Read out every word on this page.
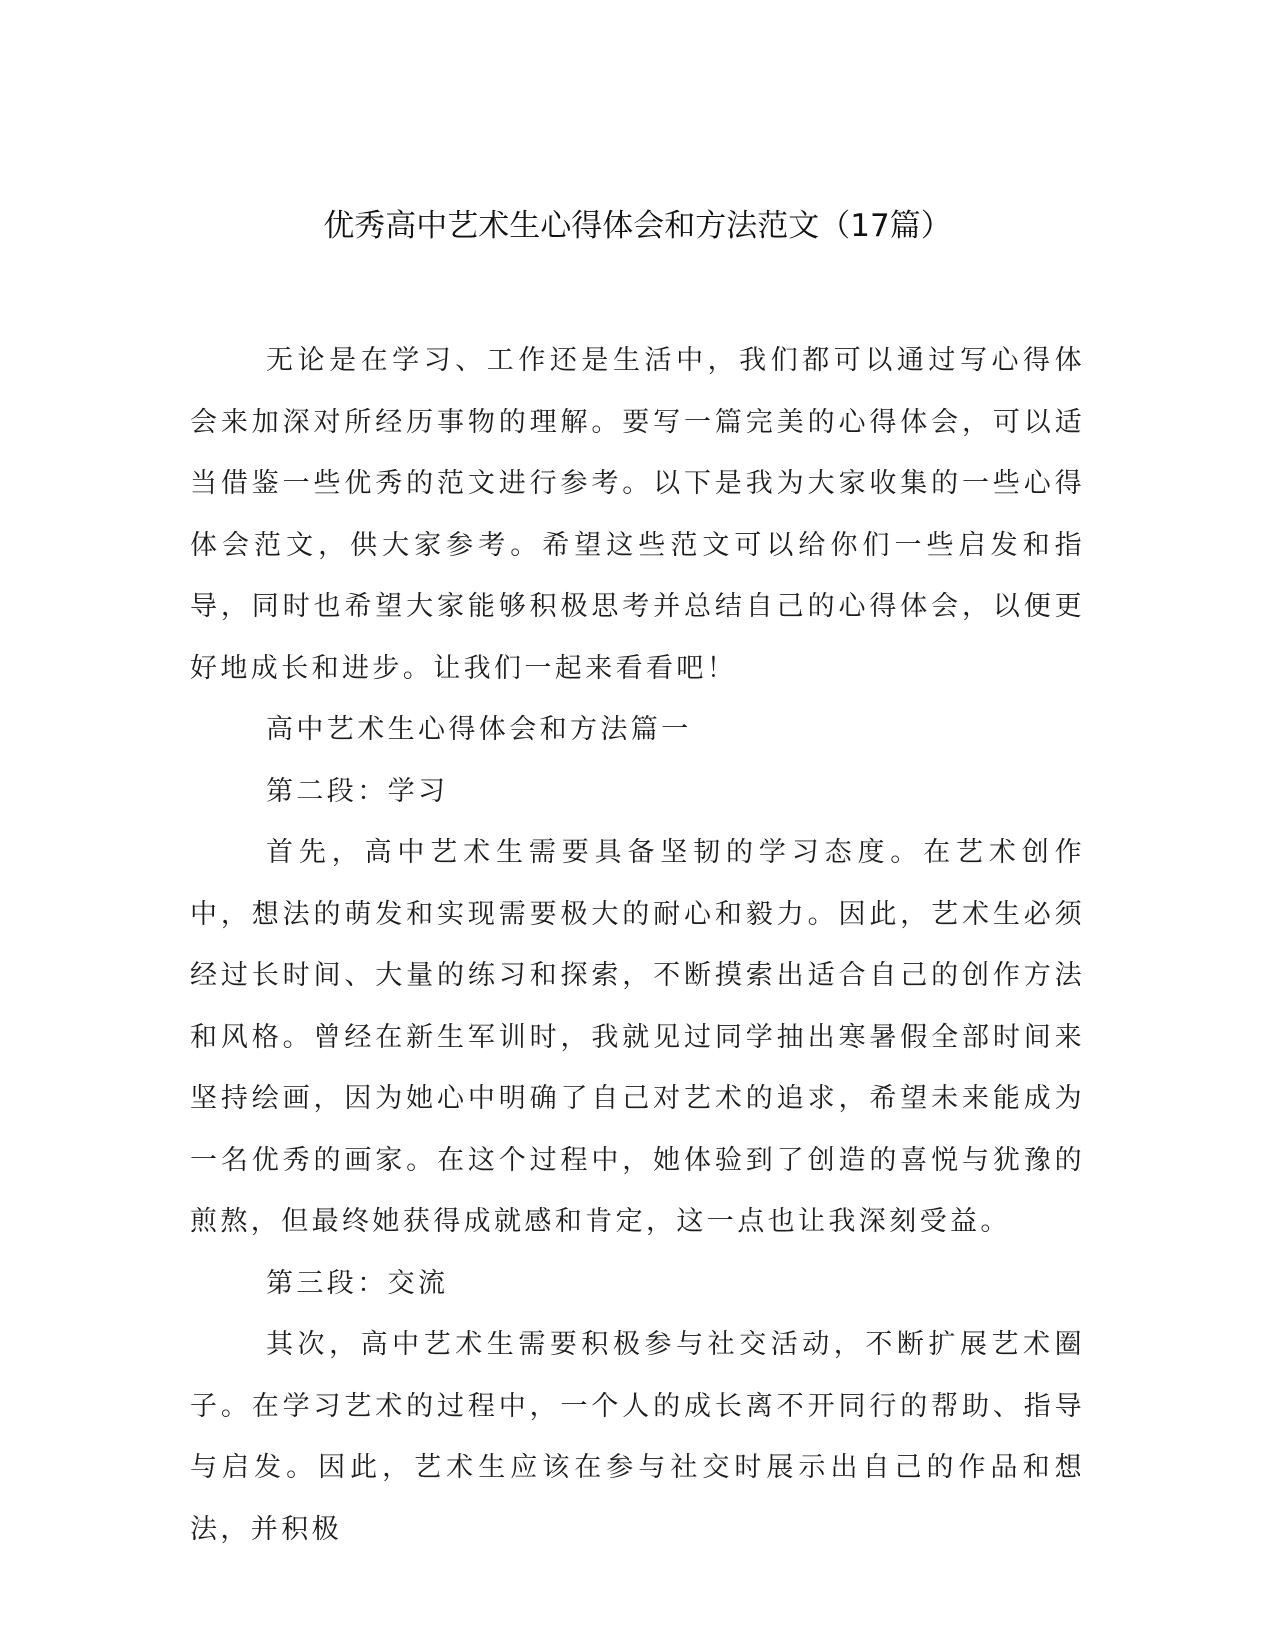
优秀高中艺术生心得体会和方法范文（17篇）

无论是在学习、工作还是生活中，我们都可以通过写心得体会来加深对所经历事物的理解。要写一篇完美的心得体会，可以适当借鉴一些优秀的范文进行参考。以下是我为大家收集的一些心得体会范文，供大家参考。希望这些范文可以给你们一些启发和指导，同时也希望大家能够积极思考并总结自己的心得体会，以便更好地成长和进步。让我们一起来看看吧！

高中艺术生心得体会和方法篇一

第二段：学习

首先，高中艺术生需要具备坚韧的学习态度。在艺术创作中，想法的萌发和实现需要极大的耐心和毅力。因此，艺术生必须经过长时间、大量的练习和探索，不断摸索出适合自己的创作方法和风格。曾经在新生军训时，我就见过同学抽出寒暑假全部时间来坚持绘画，因为她心中明确了自己对艺术的追求，希望未来能成为一名优秀的画家。在这个过程中，她体验到了创造的喜悦与犹豫的煎熬，但最终她获得成就感和肯定，这一点也让我深刻受益。

第三段：交流

其次，高中艺术生需要积极参与社交活动，不断扩展艺术圈子。在学习艺术的过程中，一个人的成长离不开同行的帮助、指导与启发。因此，艺术生应该在参与社交时展示出自己的作品和想法，并积极
